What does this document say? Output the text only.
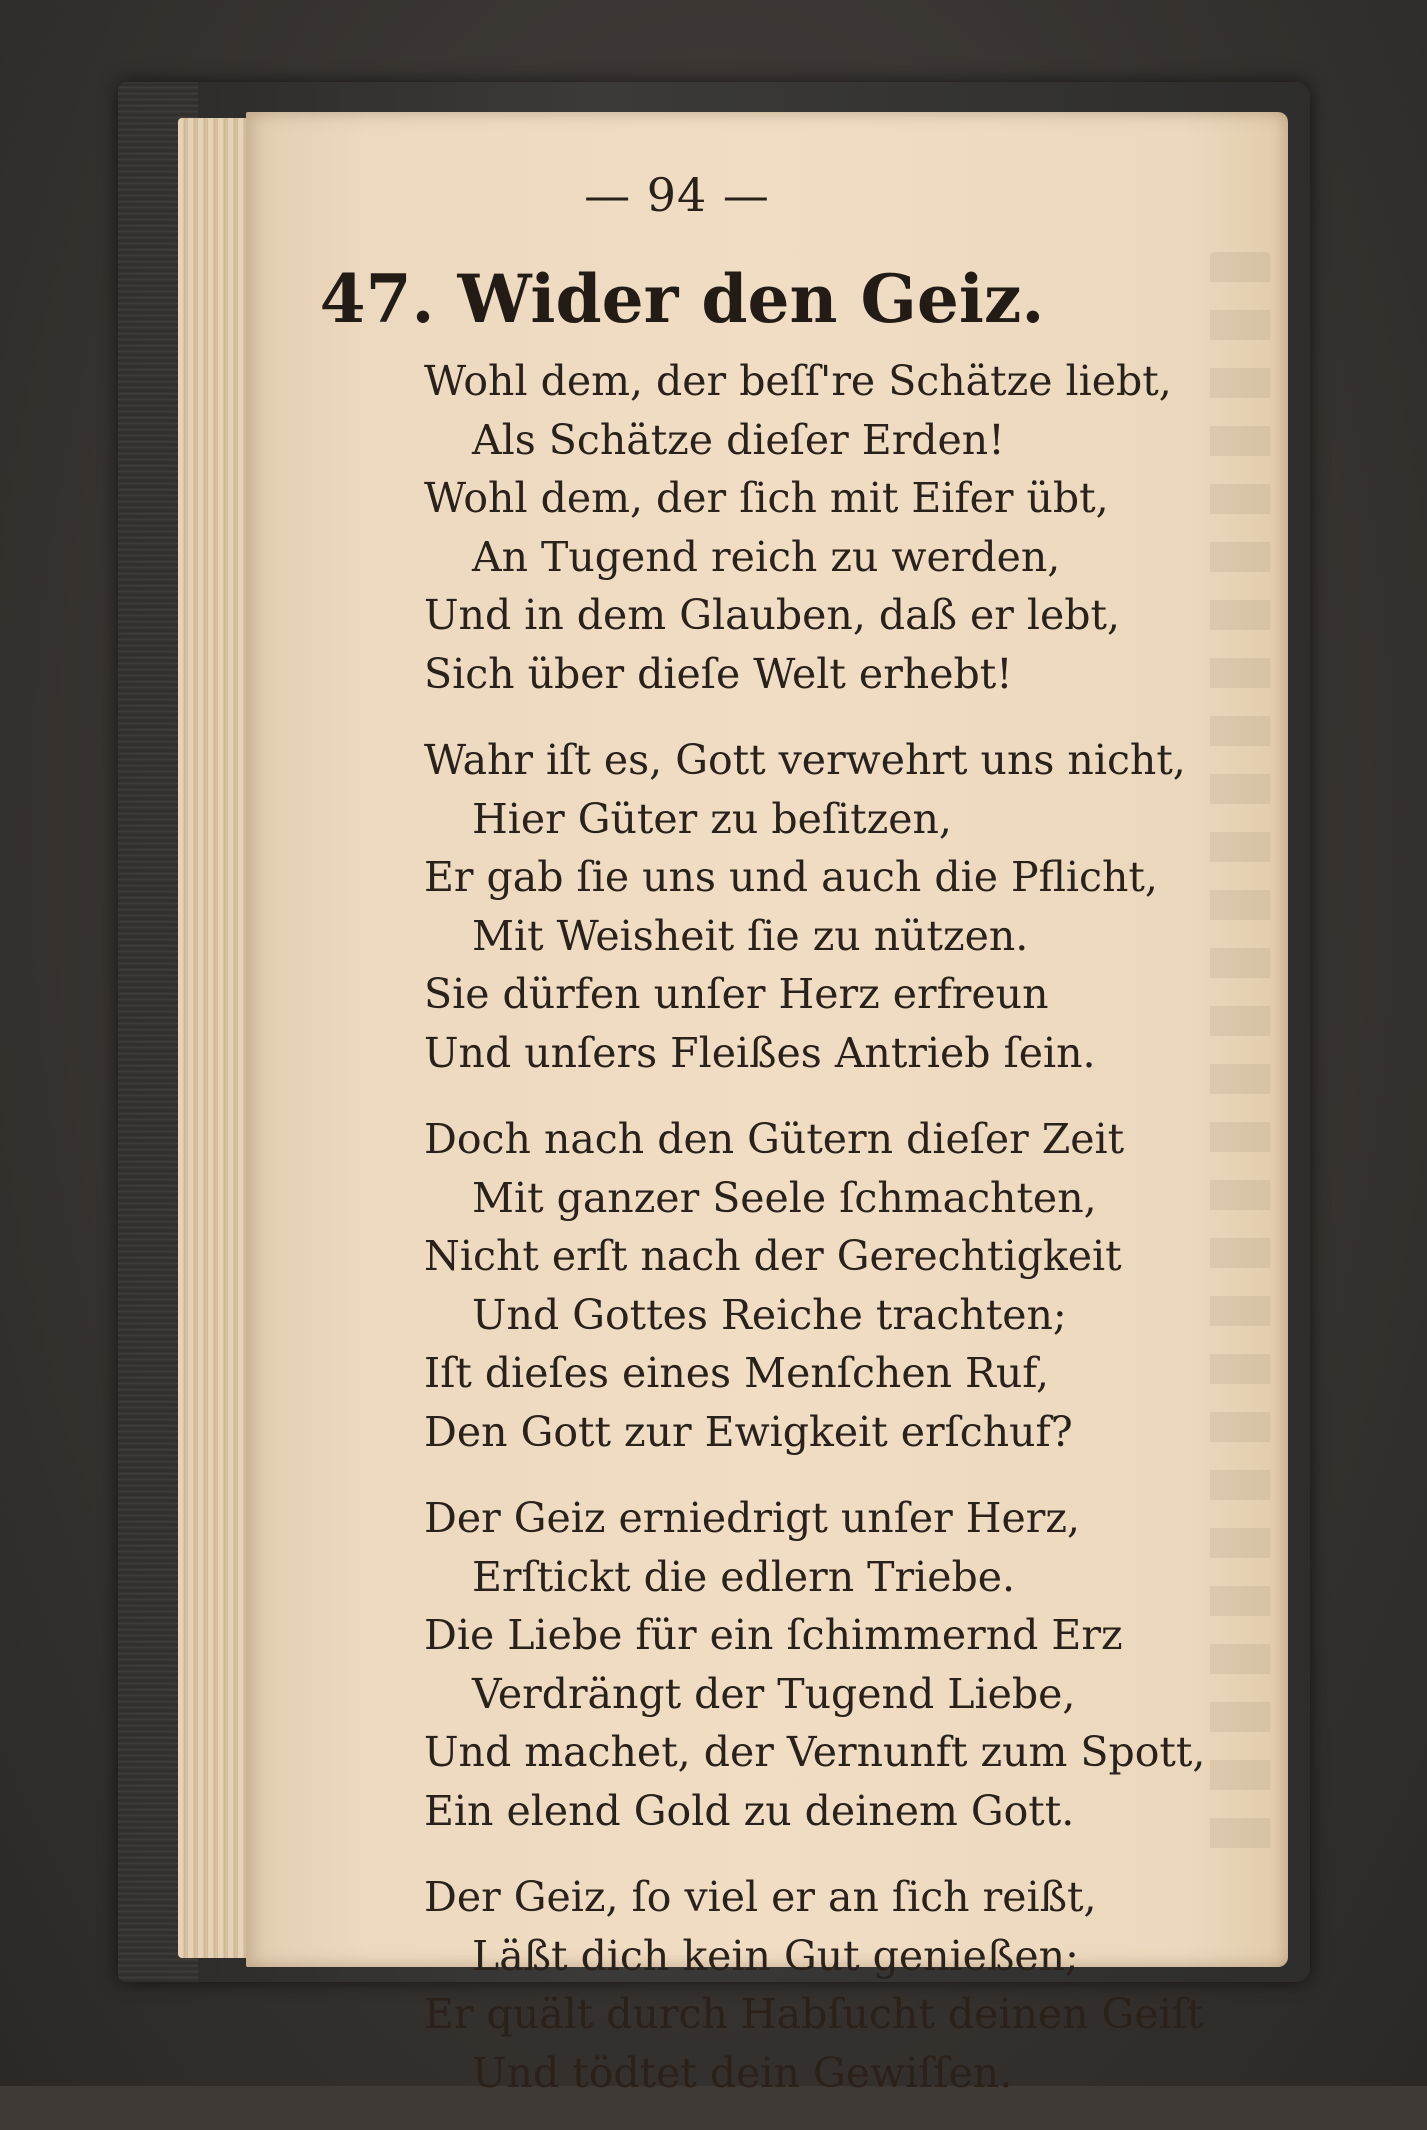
— 94 —
47. Wider den Geiz.
Wohl dem, der beſſ're Schätze liebt,
Als Schätze dieſer Erden!
Wohl dem, der ſich mit Eifer übt,
An Tugend reich zu werden,
Und in dem Glauben, daß er lebt,
Sich über dieſe Welt erhebt!
Wahr iſt es, Gott verwehrt uns nicht,
Hier Güter zu beſitzen,
Er gab ſie uns und auch die Pflicht,
Mit Weisheit ſie zu nützen.
Sie dürfen unſer Herz erfreun
Und unſers Fleißes Antrieb ſein.
Doch nach den Gütern dieſer Zeit
Mit ganzer Seele ſchmachten,
Nicht erſt nach der Gerechtigkeit
Und Gottes Reiche trachten;
Iſt dieſes eines Menſchen Ruf,
Den Gott zur Ewigkeit erſchuf?
Der Geiz erniedrigt unſer Herz,
Erſtickt die edlern Triebe.
Die Liebe für ein ſchimmernd Erz
Verdrängt der Tugend Liebe,
Und machet, der Vernunft zum Spott,
Ein elend Gold zu deinem Gott.
Der Geiz, ſo viel er an ſich reißt,
Läßt dich kein Gut genießen;
Er quält durch Habſucht deinen Geiſt
Und tödtet dein Gewiſſen.
